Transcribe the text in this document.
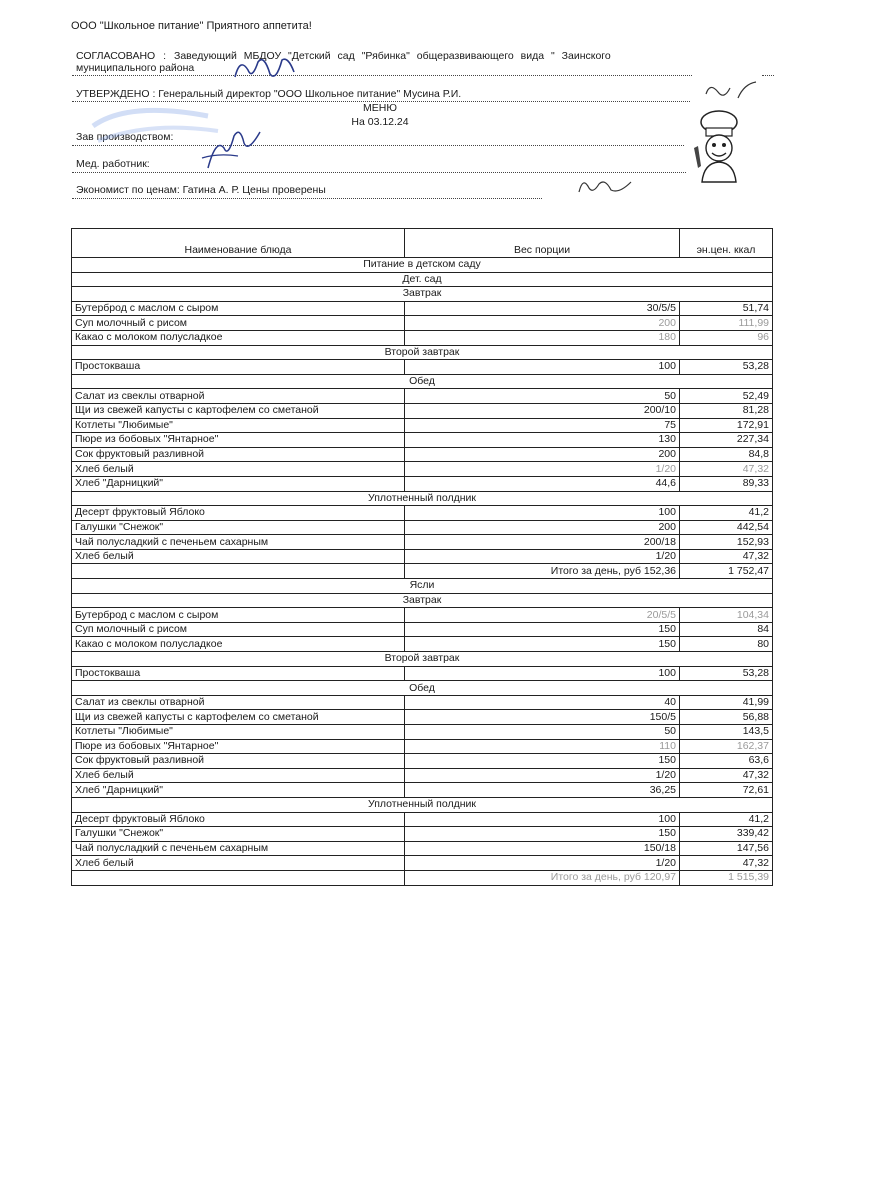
ООО "Школьное питание" Приятного аппетита!
СОГЛАСОВАНО : Заведующий МБДОУ "Детский сад "Рябинка" общеразвивающего вида " Заинского
муниципального района
УТВЕРЖДЕНО : Генеральный директор "ООО Школьное питание" Мусина Р.И.
МЕНЮ
На 03.12.24
Зав производством:
Мед. работник:
Экономист по ценам: Гатина А. Р. Цены проверены
Наименование блюда	Вес порции	эн.цен. ккал
Питание в детском саду		
Дет. сад		
Завтрак		
Бутерброд с маслом с сыром	30/5/5	51,74
Суп молочный с рисом	200	111,99
Какао с молоком полусладкое	180	96
Второй завтрак		
Простокваша	100	53,28
Обед		
Салат из свеклы отварной	50	52,49
Щи из свежей капусты с картофелем со сметаной	200/10	81,28
Котлеты "Любимые"	75	172,91
Пюре из бобовых "Янтарное"	130	227,34
Сок фруктовый разливной	200	84,8
Хлеб белый	1/20	47,32
Хлеб "Дарницкий"	44,6	89,33
Уплотненный полдник		
Десерт фруктовый Яблоко	100	41,2
Галушки "Снежок"	200	442,54
Чай полусладкий с печеньем сахарным	200/18	152,93
Хлеб белый	1/20	47,32
	Итого за день, руб 152,36	1 752,47
Ясли		
Завтрак		
Бутерброд с маслом с сыром	20/5/5	104,34
Суп молочный с рисом	150	84
Какао с молоком полусладкое	150	80
Второй завтрак		
Простокваша	100	53,28
Обед		
Салат из свеклы отварной	40	41,99
Щи из свежей капусты с картофелем со сметаной	150/5	56,88
Котлеты "Любимые"	50	143,5
Пюре из бобовых "Янтарное"	110	162,37
Сок фруктовый разливной	150	63,6
Хлеб белый	1/20	47,32
Хлеб "Дарницкий"	36,25	72,61
Уплотненный полдник		
Десерт фруктовый Яблоко	100	41,2
Галушки "Снежок"	150	339,42
Чай полусладкий с печеньем сахарным	150/18	147,56
Хлеб белый	1/20	47,32
	Итого за день, руб 120,97	1 515,39
